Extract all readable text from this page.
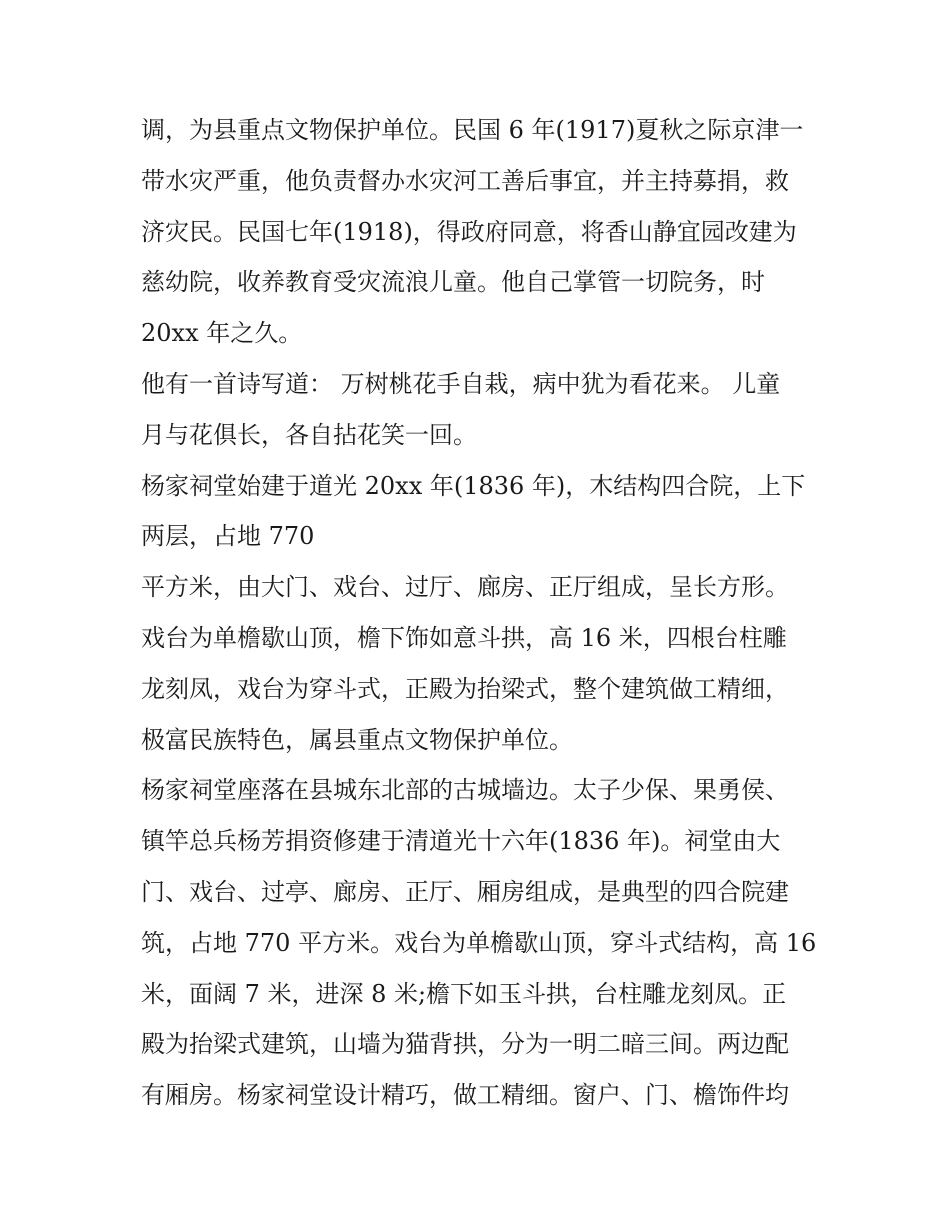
调，为县重点文物保护单位。民国 6 年(1917)夏秋之际京津一
带水灾严重，他负责督办水灾河工善后事宜，并主持募捐，救
济灾民。民国七年(1918)，得政府同意，将香山静宜园改建为
慈幼院，收养教育受灾流浪儿童。他自己掌管一切院务，时
20xx 年之久。
他有一首诗写道： 万树桃花手自栽，病中犹为看花来。 儿童
月与花俱长，各自拈花笑一回。
杨家祠堂始建于道光 20xx 年(1836 年)，木结构四合院，上下
两层，占地 770
平方米，由大门、戏台、过厅、廊房、正厅组成，呈长方形。
戏台为单檐歇山顶，檐下饰如意斗拱，高 16 米，四根台柱雕
龙刻凤，戏台为穿斗式，正殿为抬梁式，整个建筑做工精细，
极富民族特色，属县重点文物保护单位。
杨家祠堂座落在县城东北部的古城墙边。太子少保、果勇侯、
镇竿总兵杨芳捐资修建于清道光十六年(1836 年)。祠堂由大
门、戏台、过亭、廊房、正厅、厢房组成，是典型的四合院建
筑，占地 770 平方米。戏台为单檐歇山顶，穿斗式结构，高 16
米，面阔 7 米，进深 8 米;檐下如玉斗拱，台柱雕龙刻凤。正
殿为抬梁式建筑，山墙为猫背拱，分为一明二暗三间。两边配
有厢房。杨家祠堂设计精巧，做工精细。窗户、门、檐饰件均
